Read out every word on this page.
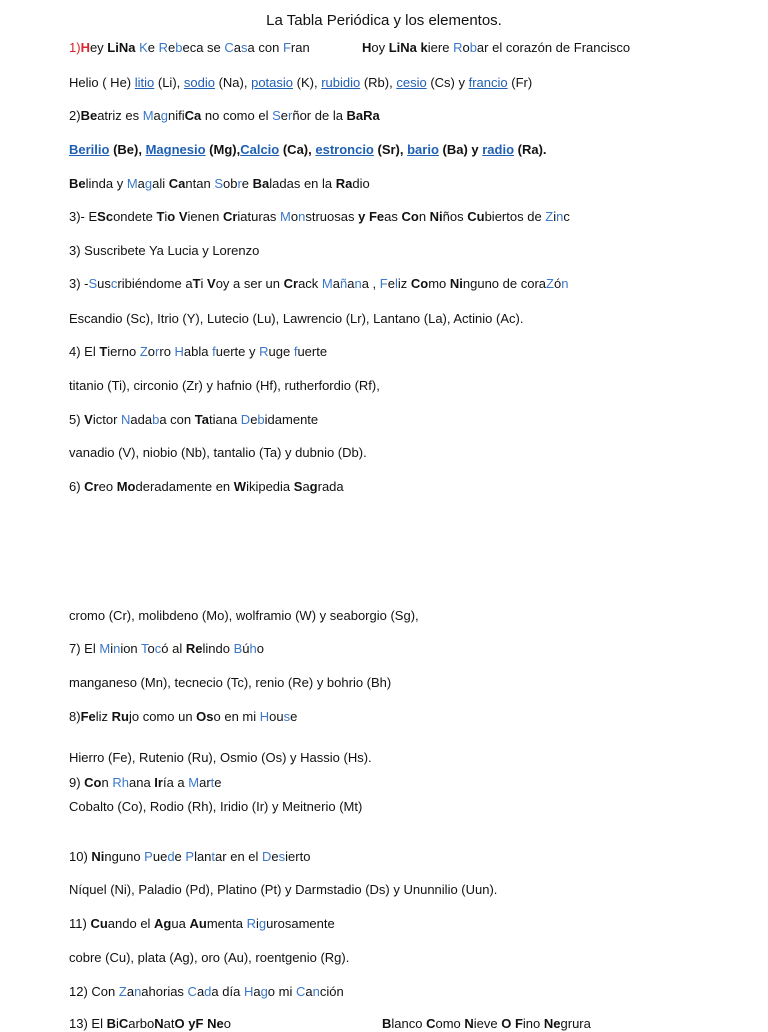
La Tabla Periódica y los elementos.
1)Hey LiNa Ke Rebeca se Casa con Fran	Hoy LiNa kiere Robar el corazón de Francisco
Helio ( He) litio (Li), sodio (Na), potasio (K), rubidio (Rb), cesio (Cs) y francio (Fr)
2)Beatriz es MagnifiCa no como el Serñor de la BaRa
Berilio (Be), Magnesio (Mg),Calcio (Ca), estroncio (Sr), bario (Ba) y radio (Ra).
Belinda y Magali Cantan Sobre Baladas en la Radio
3)- EScondete Tio Vienen Criaturas Monstruosas y Feas Con Niños Cubiertos de Zinc
3) Suscribete Ya Lucia y Lorenzo
3) -Suscribiéndome aTi Voy a ser un Crack Mañana , Feliz Como Ninguno de coraZón
Escandio (Sc), Itrio (Y), Lutecio (Lu), Lawrencio (Lr), Lantano (La), Actinio (Ac).
4) El Tierno Zorro Habla fuerte y Ruge fuerte
titanio (Ti), circonio (Zr) y hafnio (Hf), rutherfordio (Rf),
5) Victor Nadaba con Tatiana Debidamente
vanadio (V), niobio (Nb), tantalio (Ta) y dubnio (Db).
6) Creo Moderadamente en Wikipedia Sagrada
cromo (Cr), molibdeno (Mo), wolframio (W) y seaborgio (Sg),
7) El Minion Tocó al Relindo Búho
manganeso (Mn), tecnecio (Tc), renio (Re) y bohrio (Bh)
8)Feliz Rujo como un Oso en mi House
Hierro (Fe), Rutenio (Ru), Osmio (Os) y Hassio (Hs).
9) Con Rhana Iría a Marte
Cobalto (Co), Rodio (Rh), Iridio (Ir) y Meitnerio (Mt)
10) Ninguno Puede Plantar en el Desierto
Níquel (Ni), Paladio (Pd), Platino (Pt) y Darmstadio (Ds) y Ununnilio (Uun).
11) Cuando el Agua Aumenta Rigurosamente
cobre (Cu), plata (Ag), oro (Au), roentgenio (Rg).
12) Con Zanahorias Cada día Hago mi Canción
13) El BiCarboNatO yF Neo	Blanco Como Nieve O Fino Negrura
